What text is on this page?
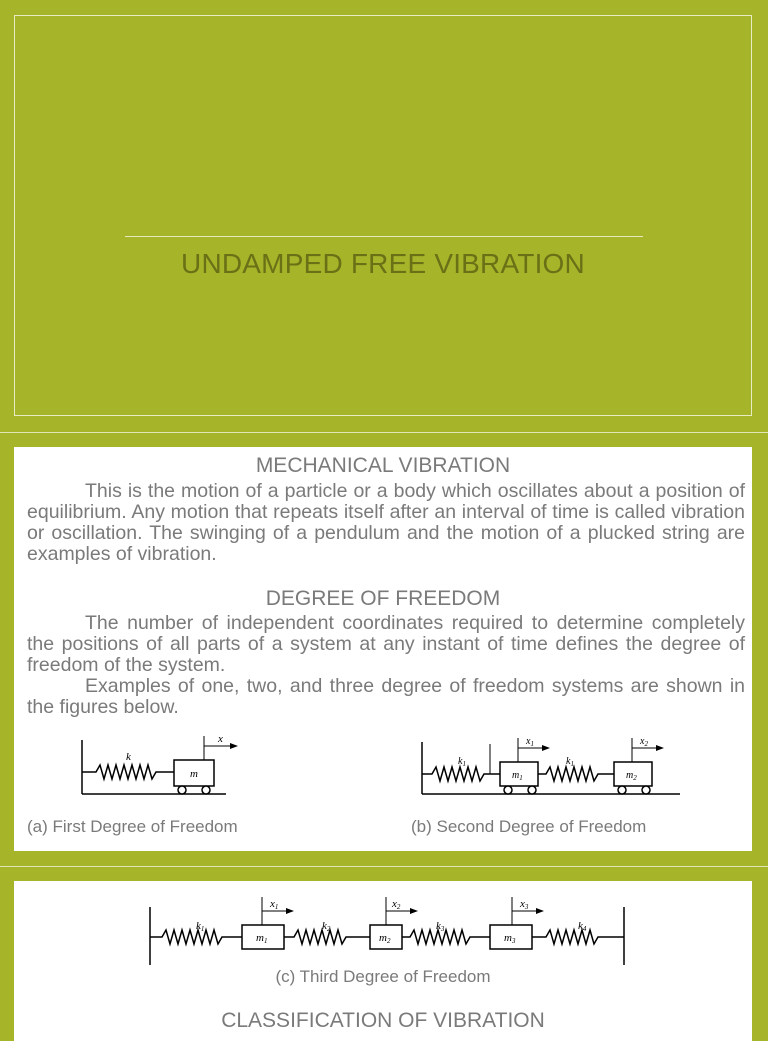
UNDAMPED FREE VIBRATION
MECHANICAL VIBRATION

This is the motion of a particle or a body which oscillates about a position of equilibrium. Any motion that repeats itself after an interval of time is called vibration or oscillation. The swinging of a pendulum and the motion of a plucked string are examples of vibration.

DEGREE OF FREEDOM

The number of independent coordinates required to determine completely the positions of all parts of a system at any instant of time defines the degree of freedom of the system.

Examples of one, two, and three degree of freedom systems are shown in the figures below.

k
m
x
(a) First Degree of Freedom
$k_1$	$k_1$
$m_1$	$m_2$
$x_1$	$x_2$
(b) Second Degree of Freedom
k1	k2	k3	k4
m1	m2	m3
x1	x2	x3
(c) Third Degree of Freedom
CLASSIFICATION OF VIBRATION
